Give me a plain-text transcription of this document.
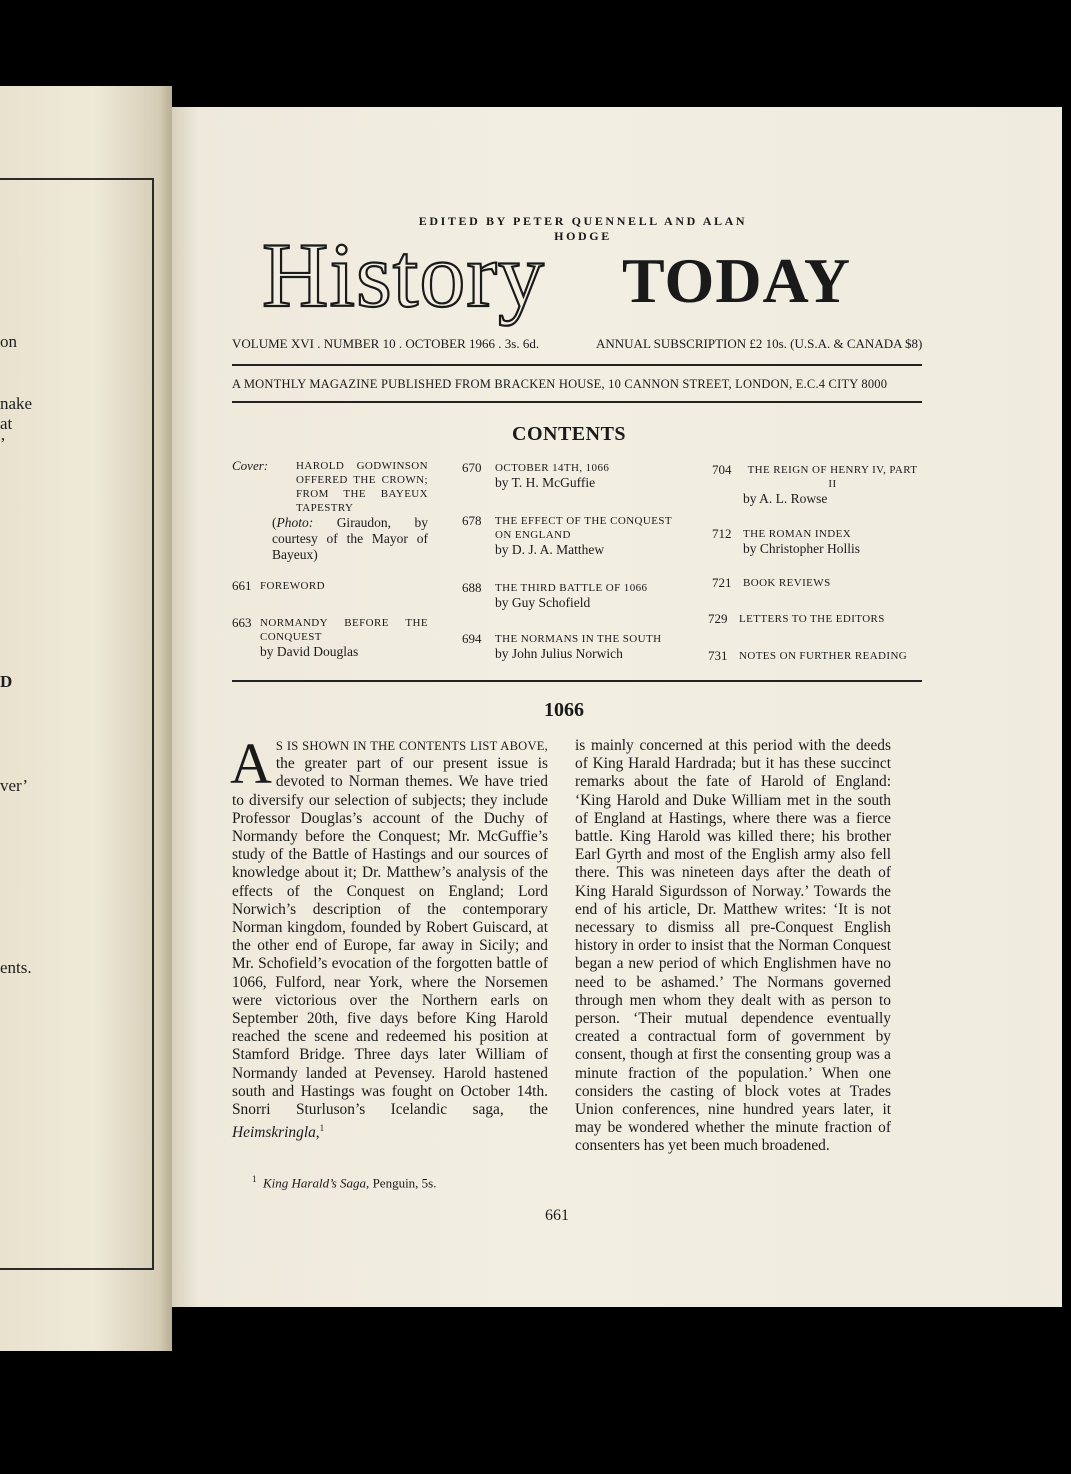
on
nake
at
’
D
ver’
ents.
EDITED BY PETER QUENNELL AND ALAN HODGE
History TODAY
VOLUME XVI . NUMBER 10 . OCTOBER 1966 . 3s. 6d.	ANNUAL SUBSCRIPTION £2 10s. (U.S.A. & CANADA $8)
A MONTHLY MAGAZINE PUBLISHED FROM BRACKEN HOUSE, 10 CANNON STREET, LONDON, E.C.4 CITY 8000
CONTENTS
Cover:	HAROLD GODWINSON OFFERED THE CROWN; FROM THE BAYEUX TAPESTRY
(Photo: Giraudon, by courtesy of the Mayor of Bayeux)
661 FOREWORD
663 NORMANDY BEFORE THE CONQUEST
by David Douglas
670	OCTOBER 14TH, 1066
by T. H. McGuffie
678	THE EFFECT OF THE CONQUEST ON ENGLAND
by D. J. A. Matthew
688	THE THIRD BATTLE OF 1066
by Guy Schofield
694	THE NORMANS IN THE SOUTH
by John Julius Norwich
704	THE REIGN OF HENRY IV, PART II
by A. L. Rowse
712	THE ROMAN INDEX
by Christopher Hollis
721	BOOK REVIEWS
729	LETTERS TO THE EDITORS
731	NOTES ON FURTHER READING
1066

A S IS SHOWN IN THE CONTENTS LIST ABOVE, the greater part of our present issue is devoted to Norman themes. We have tried to diversify our selection of subjects; they include Professor Douglas’s account of the Duchy of Normandy before the Conquest; Mr. McGuffie’s study of the Battle of Hastings and our sources of knowledge about it; Dr. Matthew’s analysis of the effects of the Conquest on England; Lord Norwich’s description of the contemporary Norman kingdom, founded by Robert Guiscard, at the other end of Europe, far away in Sicily; and Mr. Schofield’s evocation of the forgotten battle of 1066, Fulford, near York, where the Norsemen were victorious over the Northern earls on September 20th, five days before King Harold reached the scene and redeemed his position at Stamford Bridge. Three days later William of Normandy landed at Pevensey. Harold hastened south and Hastings was fought on October 14th. Snorri Sturluson’s Icelandic saga, the Heimskringla,$^1$

is mainly concerned at this period with the deeds of King Harald Hardrada; but it has these succinct remarks about the fate of Harold of England: ‘King Harold and Duke William met in the south of England at Hastings, where there was a fierce battle. King Harold was killed there; his brother Earl Gyrth and most of the English army also fell there. This was nineteen days after the death of King Harald Sigurdsson of Norway.’ Towards the end of his article, Dr. Matthew writes: ‘It is not necessary to dismiss all pre-Conquest English history in order to insist that the Norman Conquest began a new period of which Englishmen have no need to be ashamed.’ The Normans governed through men whom they dealt with as person to person. ‘Their mutual dependence eventually created a contractual form of government by consent, though at first the consenting group was a minute fraction of the population.’ When one considers the casting of block votes at Trades Union conferences, nine hundred years later, it may be wondered whether the minute fraction of consenters has yet been much broadened.

$^1$ King Harald’s Saga, Penguin, 5s.
661
